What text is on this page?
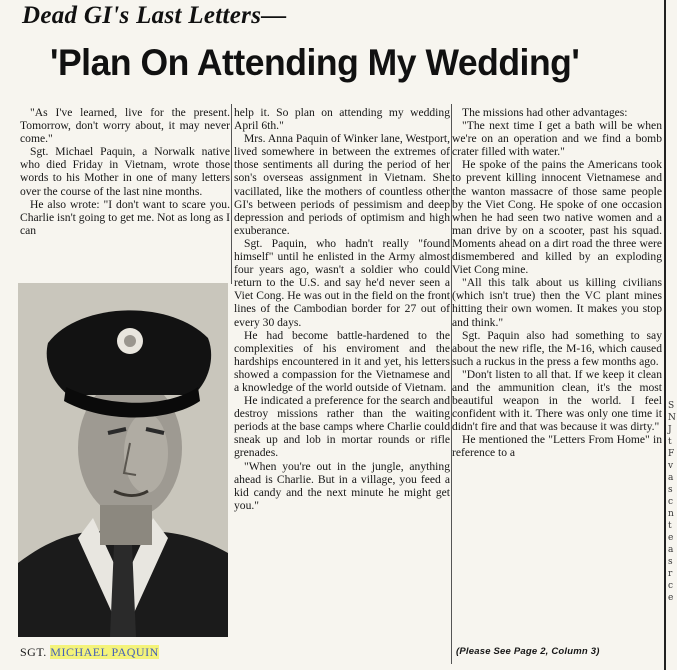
S
N
J
t
F
v
a
s
c
n
t
e
a
s
r
c
e
Dead GI's Last Letters—
'Plan On Attending My Wedding'

"As I've learned, live for the present. Tomorrow, don't worry about, it may never come."

Sgt. Michael Paquin, a Norwalk native who died Friday in Vietnam, wrote those words to his Mother in one of many letters over the course of the last nine months.

He also wrote: "I don't want to scare you. Charlie isn't going to get me. Not as long as I can

help it. So plan on attending my wedding April 6th."

Mrs. Anna Paquin of Winker lane, Westport, lived somewhere in between the extremes of those sentiments all during the period of her son's overseas assignment in Vietnam. She vacillated, like the mothers of countless other GI's between periods of pessimism and deep depression and periods of optimism and high exuberance.

Sgt. Paquin, who hadn't really "found himself" until he enlisted in the Army almost four years ago, wasn't a soldier who could return to the U.S. and say he'd never seen a Viet Cong. He was out in the field on the front lines of the Cambodian border for 27 out of every 30 days.

He had become battle-hardened to the complexities of his enviroment and the hardships encountered in it and yet, his letters showed a compassion for the Vietnamese and a knowledge of the world outside of Vietnam.

He indicated a preference for the search and destroy missions rather than the waiting periods at the base camps where Charlie could sneak up and lob in mortar rounds or rifle grenades.

"When you're out in the jungle, anything ahead is Charlie. But in a village, you feed a kid candy and the next minute he might get you."

The missions had other advantages:

"The next time I get a bath will be when we're on an operation and we find a bomb crater filled with water."

He spoke of the pains the Americans took to prevent killing innocent Vietnamese and the wanton massacre of those same people by the Viet Cong. He spoke of one occasion when he had seen two native women and a man drive by on a scooter, past his squad. Moments ahead on a dirt road the three were dismembered and killed by an exploding Viet Cong mine.

"All this talk about us killing civilians (which isn't true) then the VC plant mines hitting their own women. It makes you stop and think."

Sgt. Paquin also had something to say about the new rifle, the M-16, which caused such a ruckus in the press a few months ago.

"Don't listen to all that. If we keep it clean and the ammunition clean, it's the most beautiful weapon in the world. I feel confident with it. There was only one time it didn't fire and that was because it was dirty."

He mentioned the "Letters From Home" in reference to a

SGT. MICHAEL PAQUIN	(Please See Page 2, Column 3)
